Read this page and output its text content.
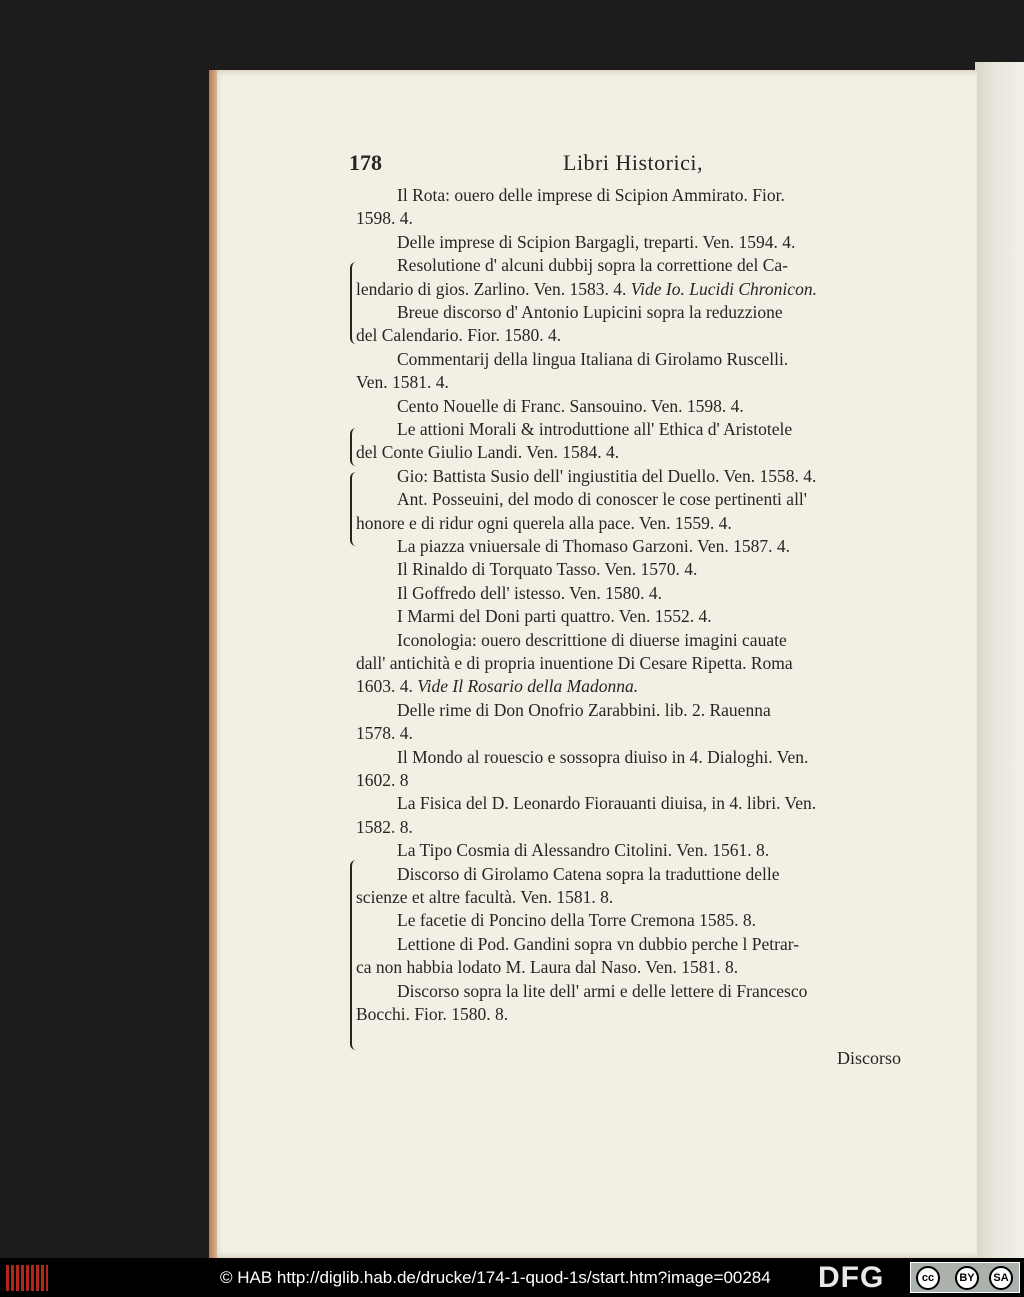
178	Libri Historici,
Il Rota: ouero delle imprese di Scipion Ammirato. Fior.
1598. 4.
Delle imprese di Scipion Bargagli, treparti. Ven. 1594. 4.
Resolutione d' alcuni dubbij sopra la correttione del Ca-
lendario di gios. Zarlino. Ven. 1583. 4. Vide Io. Lucidi Chronicon.
Breue discorso d' Antonio Lupicini sopra la reduzzione
del Calendario. Fior. 1580. 4.
Commentarij della lingua Italiana di Girolamo Ruscelli.
Ven. 1581. 4.
Cento Nouelle di Franc. Sansouino. Ven. 1598. 4.
Le attioni Morali & introduttione all' Ethica d' Aristotele
del Conte Giulio Landi. Ven. 1584. 4.
Gio: Battista Susio dell' ingiustitia del Duello. Ven. 1558. 4.
Ant. Posseuini, del modo di conoscer le cose pertinenti all'
honore e di ridur ogni querela alla pace. Ven. 1559. 4.
La piazza vniuersale di Thomaso Garzoni. Ven. 1587. 4.
Il Rinaldo di Torquato Tasso. Ven. 1570. 4.
Il Goffredo dell' istesso. Ven. 1580. 4.
I Marmi del Doni parti quattro. Ven. 1552. 4.
Iconologia: ouero descrittione di diuerse imagini cauate
dall' antichità e di propria inuentione Di Cesare Ripetta. Roma
1603. 4. Vide Il Rosario della Madonna.
Delle rime di Don Onofrio Zarabbini. lib. 2. Rauenna
1578. 4.
Il Mondo al rouescio e sossopra diuiso in 4. Dialoghi. Ven.
1602. 8
La Fisica del D. Leonardo Fiorauanti diuisa, in 4. libri. Ven.
1582. 8.
La Tipo Cosmia di Alessandro Citolini. Ven. 1561. 8.
Discorso di Girolamo Catena sopra la traduttione delle
scienze et altre facultà. Ven. 1581. 8.
Le facetie di Poncino della Torre Cremona 1585. 8.
Lettione di Pod. Gandini sopra vn dubbio perche l Petrar-
ca non habbia lodato M. Laura dal Naso. Ven. 1581. 8.
Discorso sopra la lite dell' armi e delle lettere di Francesco
Bocchi. Fior. 1580. 8.
Discorso
© HAB http://diglib.hab.de/drucke/174-1-quod-1s/start.htm?image=00284 DFG	cc	BY	SA
